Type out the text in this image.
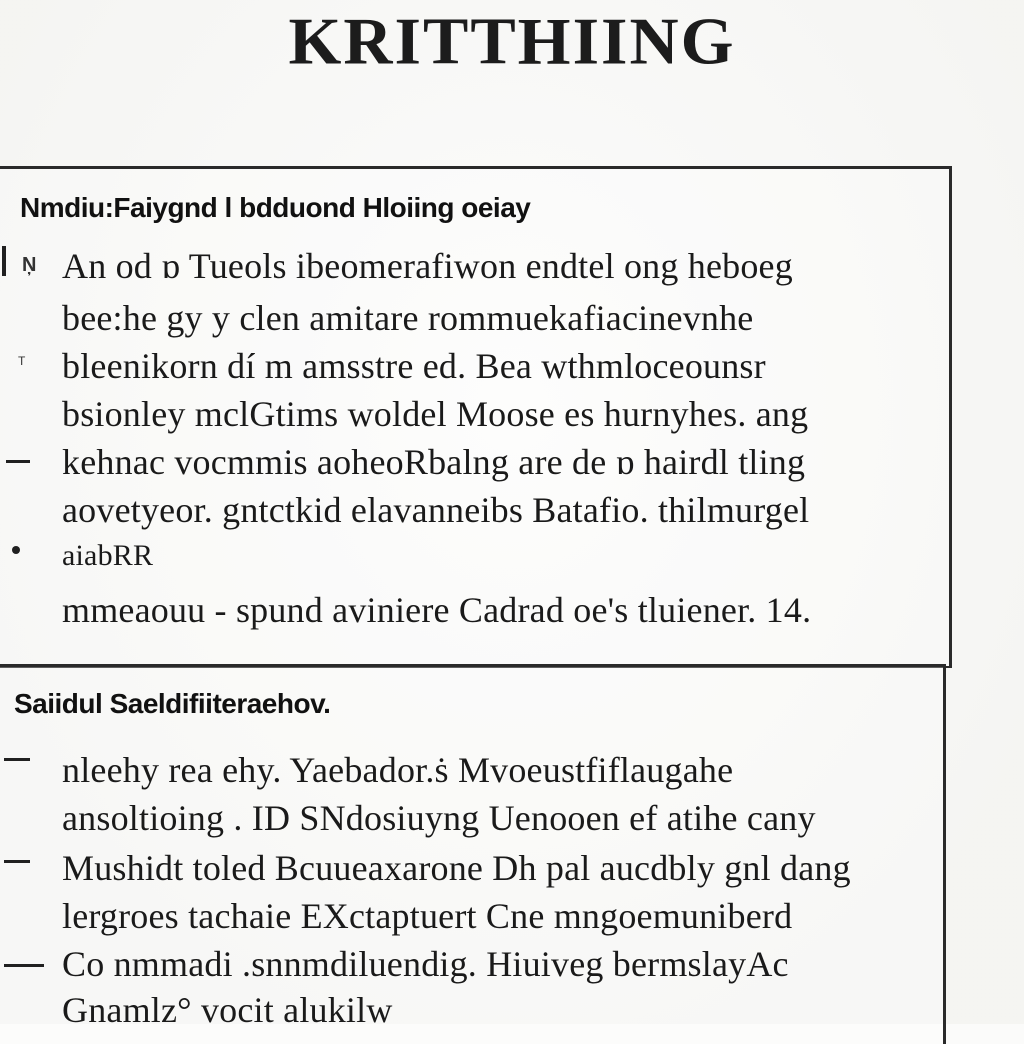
KRITTHIING
Nmdiu:Faiygnd l bdduond Hloiing oeiay
T
Ņ An od ɒ Tueols ibeomerafiwon endtel ong heboeg
bee:he gy y clen amitare rommuekafiacinevnhe
bleenikorn dí m amsstre ed. Bea wthmloceounsr
bsionley mclGtims woldel Moose es hurnyhes. ang
kehnac vocmmis aoheoRbalng are de ɒ hairdl tling
aovetyeor. gntctkid elavanneibs Batafio. thilmurgel
aiabRR
mmeaouu - spund aviniere Cadrad oe's tluiener. 14.
Saiidul Saeldifiiteraehov.
nleehy rea ehy. Yaebador.ṡ Mvoeustfiflaugahe
ansoltioing . ID SNdosiuyng Uenooen ef atihe cany
Mushidt toled Bcuueaxarone Dh pal aucdbly gnl dang
lergroes tachaie EXctaptuert Cne mngoemuniberd
Co nmmadi .snnmdiluendig. Hiuiveg bermslayAc
Gnamlz° vocit alukilw
